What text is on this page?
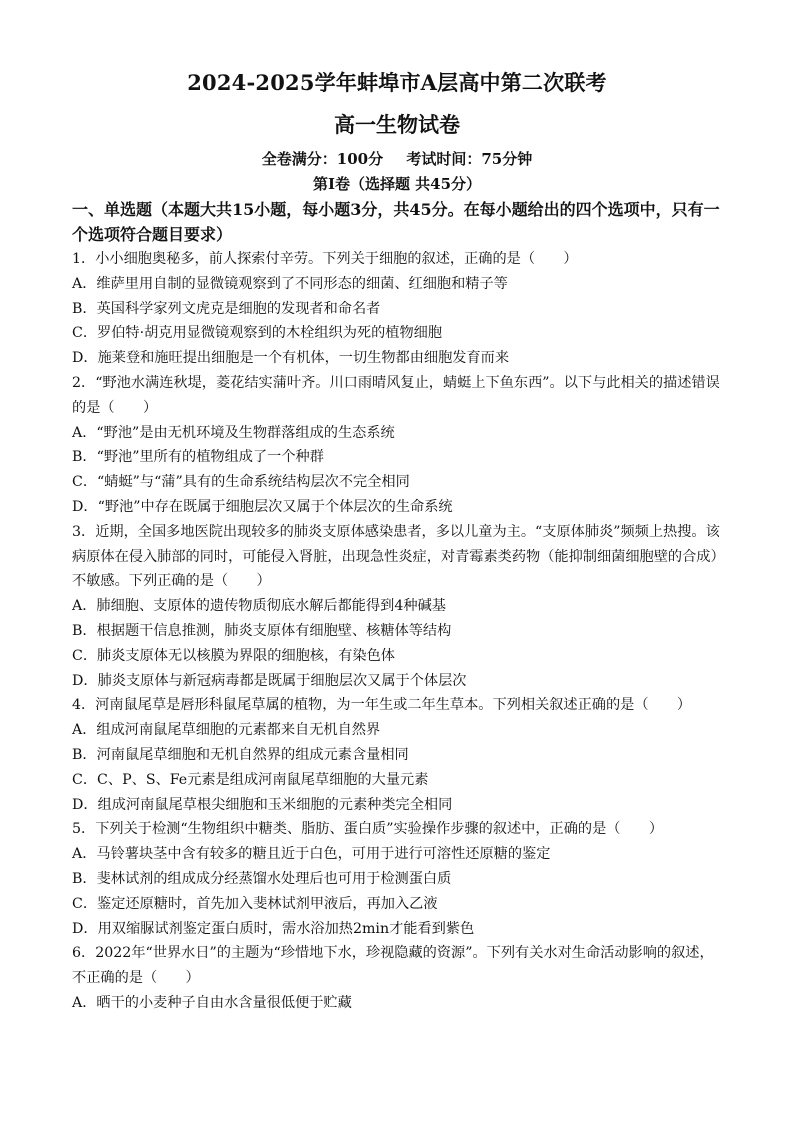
2024-2025学年蚌埠市A层高中第二次联考
高一生物试卷
全卷满分：100分 考试时间：75分钟
第Ⅰ卷（选择题 共45分）
一、单选题（本题大共15小题，每小题3分，共45分。在每小题给出的四个选项中，只有一个选项符合题目要求）

1．小小细胞奥秘多，前人探索付辛劳。下列关于细胞的叙述，正确的是（　　）

A．维萨里用自制的显微镜观察到了不同形态的细菌、红细胞和精子等

B．英国科学家列文虎克是细胞的发现者和命名者

C．罗伯特·胡克用显微镜观察到的木栓组织为死的植物细胞

D．施莱登和施旺提出细胞是一个有机体，一切生物都由细胞发育而来

2．“野池水满连秋堤，菱花结实蒲叶齐。川口雨晴风复止，蜻蜓上下鱼东西”。以下与此相关的描述错误的是（　　）

A．“野池”是由无机环境及生物群落组成的生态系统

B．“野池”里所有的植物组成了一个种群

C．“蜻蜓”与“蒲”具有的生命系统结构层次不完全相同

D．“野池”中存在既属于细胞层次又属于个体层次的生命系统

3．近期，全国多地医院出现较多的肺炎支原体感染患者，多以儿童为主。“支原体肺炎”频频上热搜。该病原体在侵入肺部的同时，可能侵入肾脏，出现急性炎症，对青霉素类药物（能抑制细菌细胞壁的合成）不敏感。下列正确的是（　　）

A．肺细胞、支原体的遗传物质彻底水解后都能得到4种碱基

B．根据题干信息推测，肺炎支原体有细胞壁、核糖体等结构

C．肺炎支原体无以核膜为界限的细胞核，有染色体

D．肺炎支原体与新冠病毒都是既属于细胞层次又属于个体层次

4．河南鼠尾草是唇形科鼠尾草属的植物，为一年生或二年生草本。下列相关叙述正确的是（　　）

A．组成河南鼠尾草细胞的元素都来自无机自然界

B．河南鼠尾草细胞和无机自然界的组成元素含量相同

C．C、P、S、Fe元素是组成河南鼠尾草细胞的大量元素

D．组成河南鼠尾草根尖细胞和玉米细胞的元素种类完全相同

5．下列关于检测“生物组织中糖类、脂肪、蛋白质”实验操作步骤的叙述中，正确的是（　　）

A．马铃薯块茎中含有较多的糖且近于白色，可用于进行可溶性还原糖的鉴定

B．斐林试剂的组成成分经蒸馏水处理后也可用于检测蛋白质

C．鉴定还原糖时，首先加入斐林试剂甲液后，再加入乙液

D．用双缩脲试剂鉴定蛋白质时，需水浴加热2min才能看到紫色

6．2022年“世界水日”的主题为“珍惜地下水，珍视隐藏的资源”。下列有关水对生命活动影响的叙述，不正确的是（　　）

A．晒干的小麦种子自由水含量很低便于贮藏
